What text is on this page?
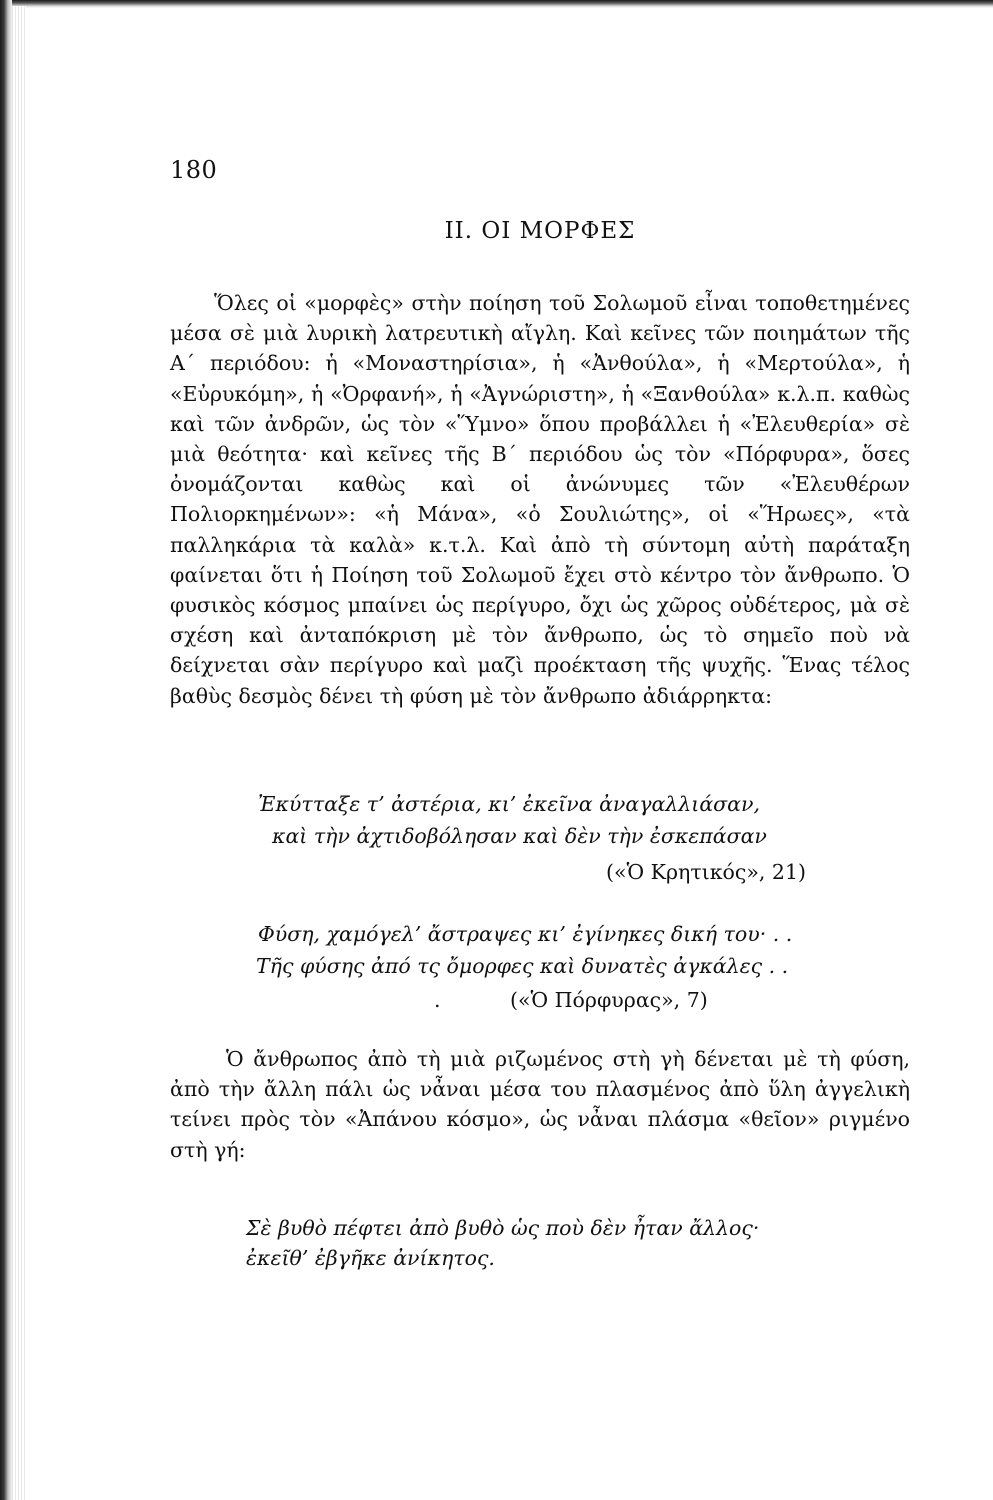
180
ΙΙ. ΟΙ ΜΟΡΦΕΣ

Ὅλες οἱ «μορφὲς» στὴν ποίηση τοῦ Σολωμοῦ εἶναι τοποθετημένες μέσα σὲ μιὰ λυρικὴ λατρευτικὴ αἴγλη. Καὶ κεῖνες τῶν ποιημάτων τῆς Α΄ περιόδου: ἡ «Μοναστηρίσια», ἡ «Ἀνθούλα», ἡ «Μερτούλα», ἡ «Εὐρυκόμη», ἡ «Ὀρφανή», ἡ «Ἀγνώριστη», ἡ «Ξανθούλα» κ.λ.π. καθὼς καὶ τῶν ἀνδρῶν, ὡς τὸν «Ὕμνο» ὅπου προβάλλει ἡ «Ἐλευθερία» σὲ μιὰ θεότητα· καὶ κεῖνες τῆς Β΄ περιόδου ὡς τὸν «Πόρφυρα», ὅσες ὀνομάζονται καθὼς καὶ οἱ ἀνώνυμες τῶν «Ἐλευθέρων Πολιορκημένων»: «ἡ Μάνα», «ὁ Σουλιώτης», οἱ «Ἥρωες», «τὰ παλληκάρια τὰ καλὰ» κ.τ.λ. Καὶ ἀπὸ τὴ σύντομη αὐτὴ παράταξη φαίνεται ὅτι ἡ Ποίηση τοῦ Σολωμοῦ ἔχει στὸ κέντρο τὸν ἄνθρωπο. Ὁ φυσικὸς κόσμος μπαίνει ὡς περίγυρο, ὄχι ὡς χῶρος οὐδέτερος, μὰ σὲ σχέση καὶ ἀνταπόκριση μὲ τὸν ἄνθρωπο, ὡς τὸ σημεῖο ποὺ νὰ δείχνεται σὰν περίγυρο καὶ μαζὶ προέκταση τῆς ψυχῆς. Ἕνας τέλος βαθὺς δεσμὸς δένει τὴ φύση μὲ τὸν ἄνθρωπο ἀδιάρρηκτα:

Ἐκύτταξε τ’ ἀστέρια, κι’ ἐκεῖνα ἀναγαλλιάσαν,

καὶ τὴν ἀχτιδοβόλησαν καὶ δὲν τὴν ἐσκεπάσαν

(«Ὁ Κρητικός», 21)

Φύση, χαμόγελ’ ἄστραψες κι’ ἐγίνηκες δική του· . .

Τῆς φύσης ἀπό τς ὄμορφες καὶ δυνατὲς ἀγκάλες . .

.	(«Ὁ Πόρφυρας», 7)

Ὁ ἄνθρωπος ἀπὸ τὴ μιὰ ριζωμένος στὴ γὴ δένεται μὲ τὴ φύση, ἀπὸ τὴν ἄλλη πάλι ὡς νἆναι μέσα του πλασμένος ἀπὸ ὕλη ἀγγελικὴ τείνει πρὸς τὸν «Ἀπάνου κόσμο», ὡς νἆναι πλάσμα «θεῖον» ριγμένο στὴ γή:

Σὲ βυθὸ πέφτει ἀπὸ βυθὸ ὡς ποὺ δὲν ἦταν ἄλλος·

ἐκεῖθ’ ἐβγῆκε ἀνίκητος.
